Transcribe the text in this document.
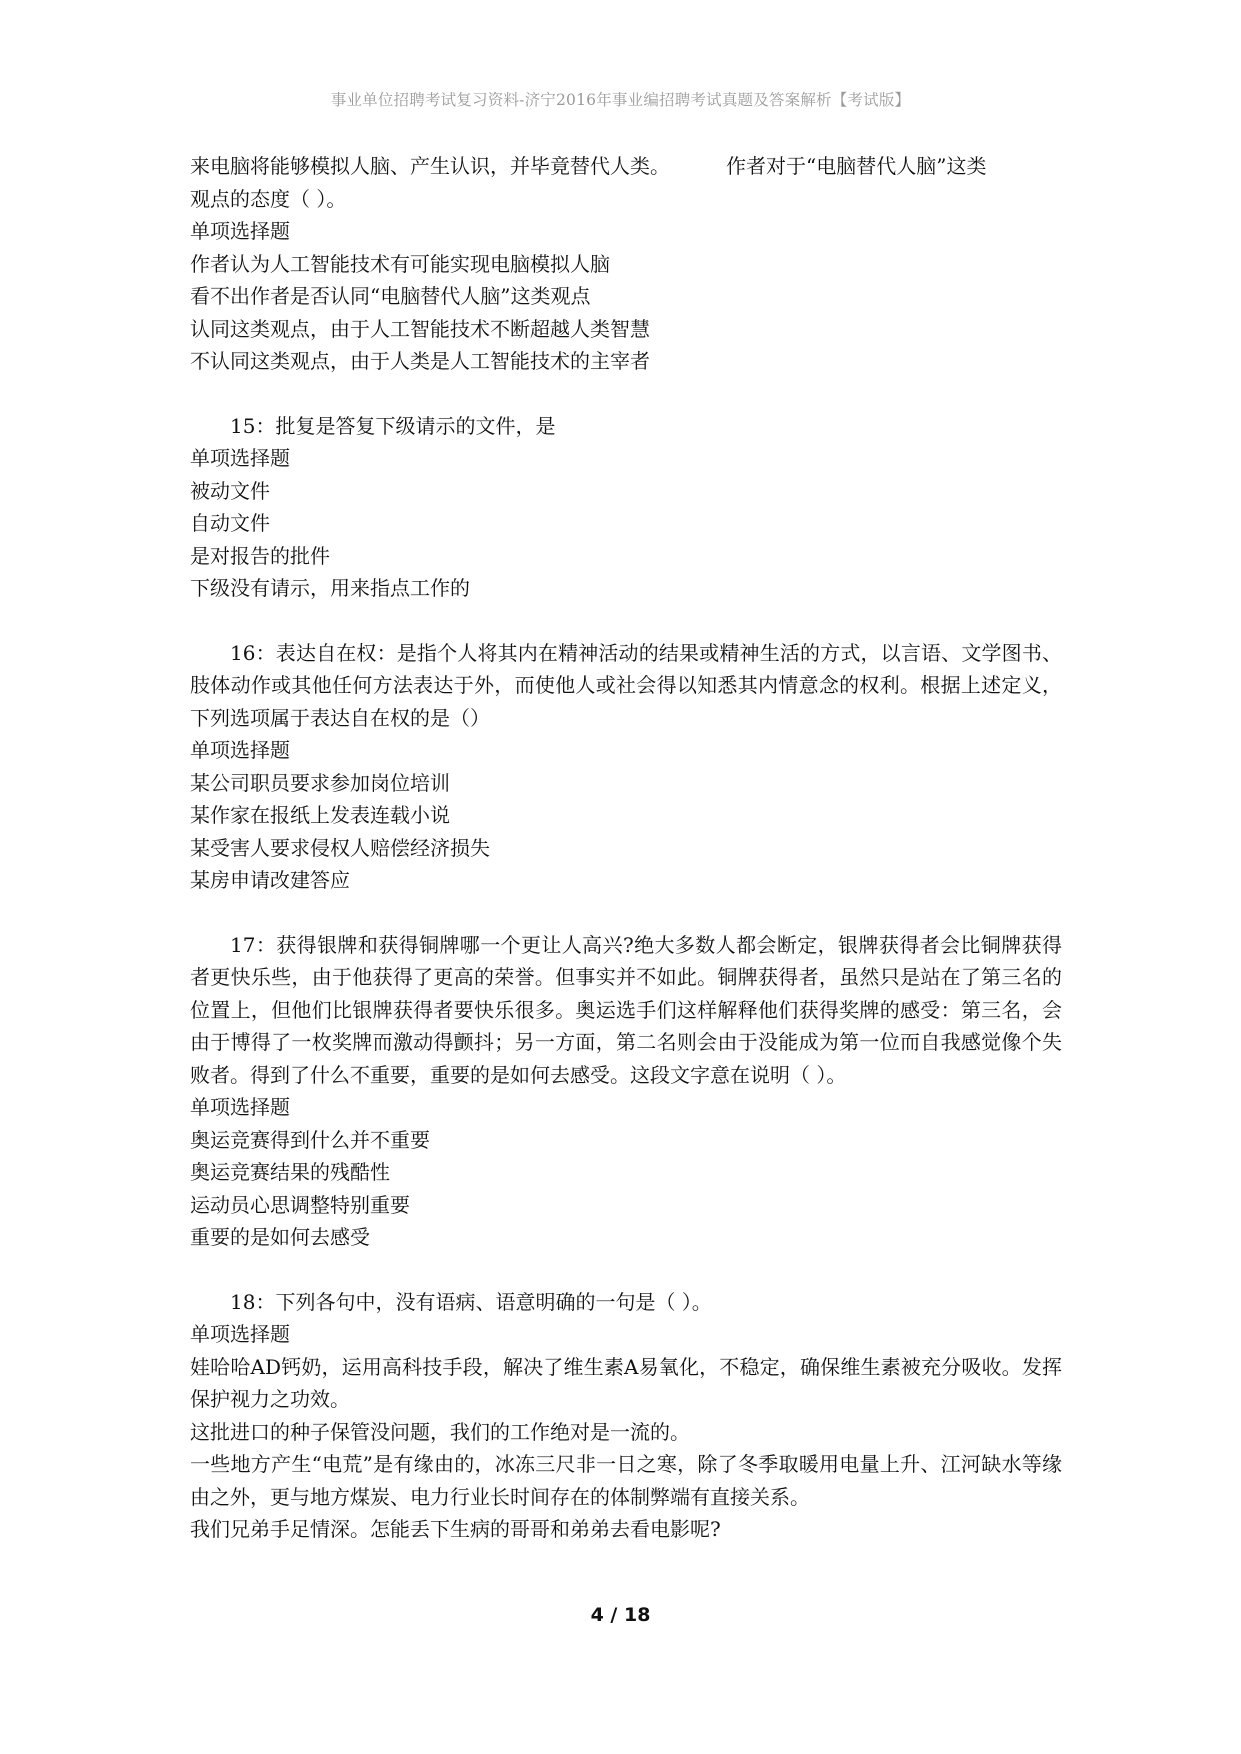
事业单位招聘考试复习资料-济宁2016年事业编招聘考试真题及答案解析【考试版】
来电脑将能够模拟人脑、产生认识，并毕竟替代人类。	作者对于“电脑替代人脑”这类
观点的态度（ ）。
单项选择题
作者认为人工智能技术有可能实现电脑模拟人脑
看不出作者是否认同“电脑替代人脑”这类观点
认同这类观点，由于人工智能技术不断超越人类智慧
不认同这类观点，由于人类是人工智能技术的主宰者
15：批复是答复下级请示的文件，是
单项选择题
被动文件
自动文件
是对报告的批件
下级没有请示，用来指点工作的
16：表达自在权：是指个人将其内在精神活动的结果或精神生活的方式，以言语、文学图书、肢体动作或其他任何方法表达于外，而使他人或社会得以知悉其内情意念的权利。根据上述定义，下列选项属于表达自在权的是（）
单项选择题
某公司职员要求参加岗位培训
某作家在报纸上发表连载小说
某受害人要求侵权人赔偿经济损失
某房申请改建答应
17：获得银牌和获得铜牌哪一个更让人高兴?绝大多数人都会断定，银牌获得者会比铜牌获得者更快乐些，由于他获得了更高的荣誉。但事实并不如此。铜牌获得者，虽然只是站在了第三名的位置上，但他们比银牌获得者要快乐很多。奥运选手们这样解释他们获得奖牌的感受：第三名，会由于博得了一枚奖牌而激动得颤抖；另一方面，第二名则会由于没能成为第一位而自我感觉像个失败者。得到了什么不重要，重要的是如何去感受。这段文字意在说明（ ）。
单项选择题
奥运竞赛得到什么并不重要
奥运竞赛结果的残酷性
运动员心思调整特别重要
重要的是如何去感受
18：下列各句中，没有语病、语意明确的一句是（ ）。
单项选择题
娃哈哈AD钙奶，运用高科技手段，解决了维生素A易氧化，不稳定，确保维生素被充分吸收。发挥保护视力之功效。
这批进口的种子保管没问题，我们的工作绝对是一流的。
一些地方产生“电荒”是有缘由的，冰冻三尺非一日之寒，除了冬季取暖用电量上升、江河缺水等缘由之外，更与地方煤炭、电力行业长时间存在的体制弊端有直接关系。
我们兄弟手足情深。怎能丢下生病的哥哥和弟弟去看电影呢?
4 / 18
